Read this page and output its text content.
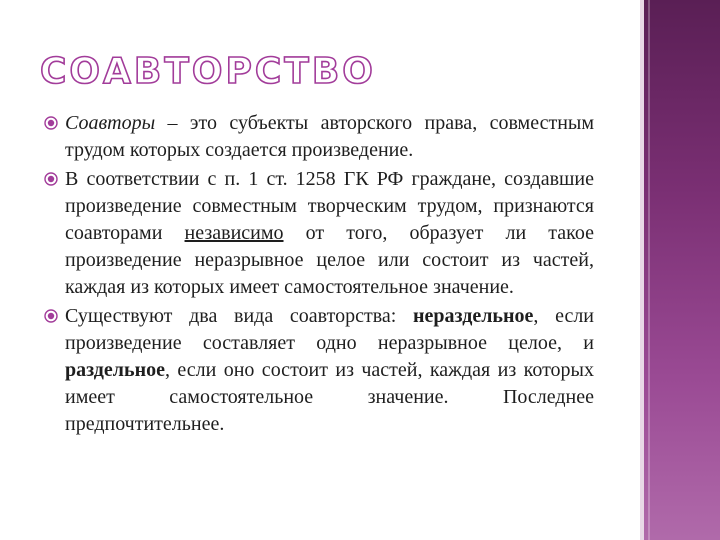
СОАВТОРСТВО

Соавторы – это субъекты авторского права, совместным трудом которых создается произведение.

В соответствии с п. 1 ст. 1258 ГК РФ граждане, создавшие произведение совместным творческим трудом, признаются соавторами независимо от того, образует ли такое произведение неразрывное целое или состоит из частей, каждая из которых имеет самостоятельное значение.

Существуют два вида соавторства: нераздельное, если произведение составляет одно неразрывное целое, и раздельное, если оно состоит из частей, каждая из которых имеет самостоятельное значение. Последнее предпочтительнее.
